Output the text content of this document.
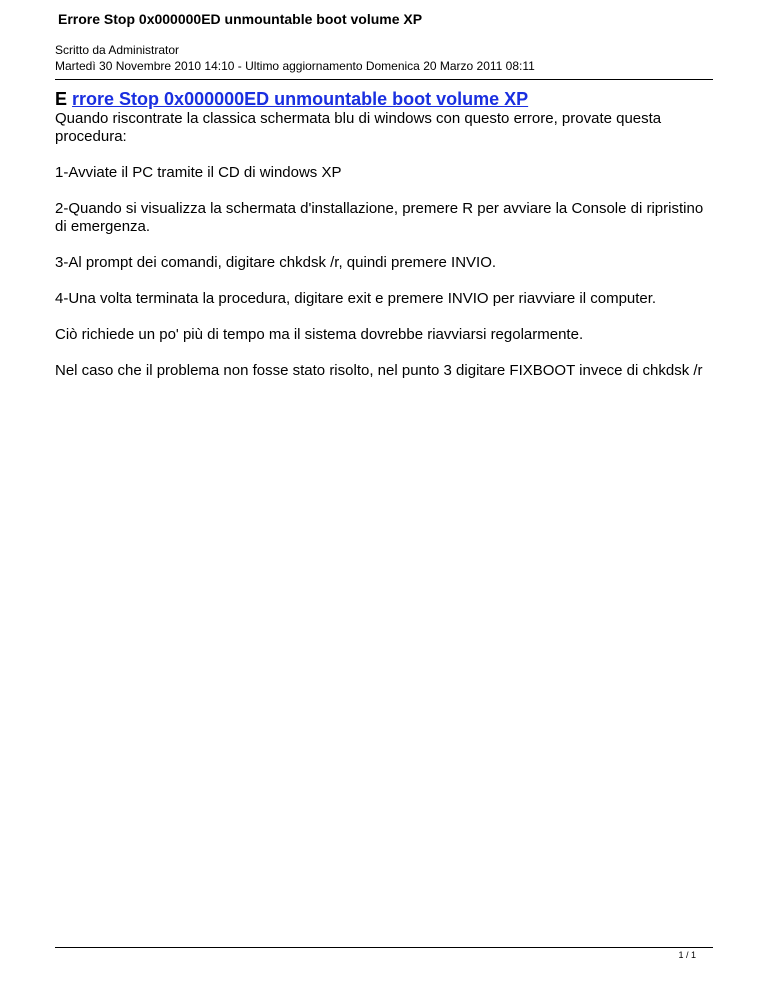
Errore Stop 0x000000ED unmountable boot volume XP
Scritto da Administrator
Martedì 30 Novembre 2010 14:10 - Ultimo aggiornamento Domenica 20 Marzo 2011 08:11
E rrore Stop 0x000000ED unmountable boot volume XP

Quando riscontrate la classica schermata blu di windows con questo errore, provate questa procedura:

1-Avviate il PC tramite il CD di windows XP

2-Quando si visualizza la schermata d'installazione, premere R per avviare la Console di ripristino di emergenza.

3-Al prompt dei comandi, digitare chkdsk /r, quindi premere INVIO.

4-Una volta terminata la procedura, digitare exit e premere INVIO per riavviare il computer.

Ciò richiede un po' più di tempo ma il sistema dovrebbe riavviarsi regolarmente.

Nel caso che il problema non fosse stato risolto, nel punto 3 digitare FIXBOOT invece di chkdsk /r

1 / 1
